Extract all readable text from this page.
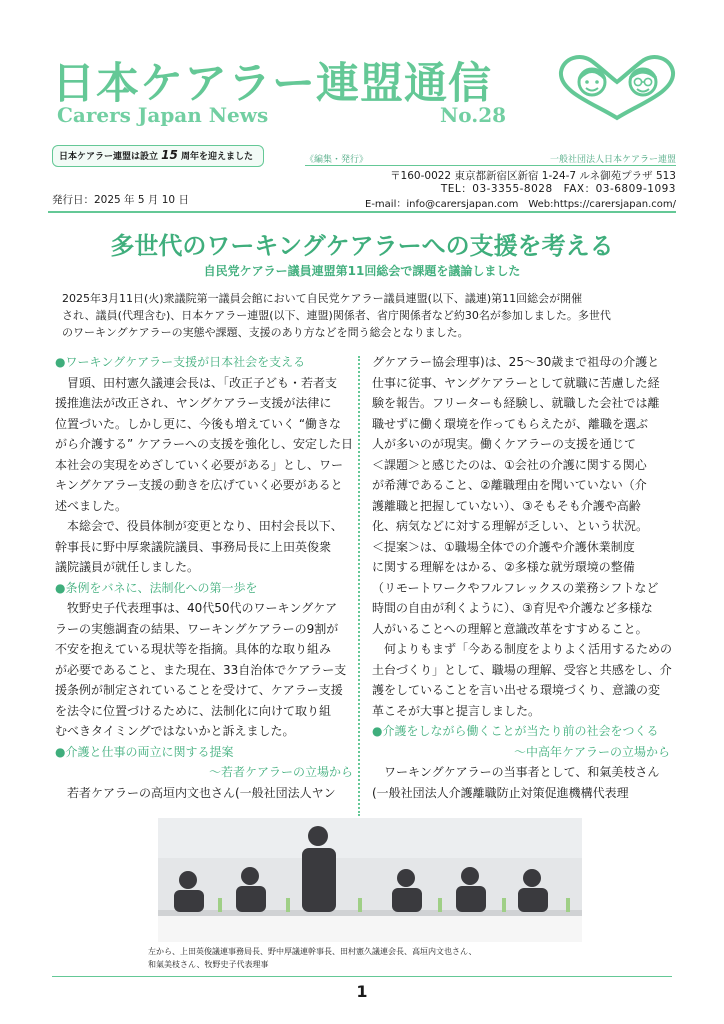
日本ケアラー連盟通信
Carers Japan News	No.28
日本ケアラー連盟は設立 15 周年を迎えました	《編集・発行》	一般社団法人日本ケアラー連盟
〒160-0022 東京都新宿区新宿 1-24-7 ルネ御苑プラザ 513
TEL：03-3355-8028　FAX：03-6809-1093
E-mail：info@carersjapan.com　Web:https://carersjapan.com/
発行日：2025 年 5 月 10 日
多世代のワーキングケアラーへの支援を考える
自民党ケアラー議員連盟第11回総会で課題を議論しました
2025年3月11日(火)衆議院第一議員会館において自民党ケアラー議員連盟(以下、議連)第11回総会が開催
され、議員(代理含む)、日本ケアラー連盟(以下、連盟)関係者、省庁関係者など約30名が参加しました。多世代
のワーキングケアラーの実態や課題、支援のあり方などを問う総会となりました。
●ワーキングケアラー支援が日本社会を支える
　冒頭、田村憲久議連会長は、「改正子ども・若者支
援推進法が改正され、ヤングケアラー支援が法律に
位置づいた。しかし更に、今後も増えていく “働きな
がら介護する” ケアラーへの支援を強化し、安定した日
本社会の実現をめざしていく必要がある」とし、ワー
キングケアラー支援の動きを広げていく必要があると
述べました。
　本総会で、役員体制が変更となり、田村会長以下、
幹事長に野中厚衆議院議員、事務局長に上田英俊衆
議院議員が就任しました。
●条例をバネに、法制化への第一歩を
　牧野史子代表理事は、40代50代のワーキングケア
ラーの実態調査の結果、ワーキングケアラーの9割が
不安を抱えている現状等を指摘。具体的な取り組み
が必要であること、また現在、33自治体でケアラー支
援条例が制定されていることを受けて、ケアラー支援
を法令に位置づけるために、法制化に向けて取り組
むべきタイミングではないかと訴えました。
●介護と仕事の両立に関する提案
～若者ケアラーの立場から
　若者ケアラーの高垣内文也さん(一般社団法人ヤン
グケアラー協会理事)は、25～30歳まで祖母の介護と
仕事に従事、ヤングケアラーとして就職に苦慮した経
験を報告。フリーターも経験し、就職した会社では離
職せずに働く環境を作ってもらえたが、離職を選ぶ
人が多いのが現実。働くケアラーの支援を通じて
＜課題＞と感じたのは、①会社の介護に関する関心
が希薄であること、②離職理由を聞いていない（介
護離職と把握していない）、③そもそも介護や高齢
化、病気などに対する理解が乏しい、という状況。
＜提案＞は、①職場全体での介護や介護休業制度
に関する理解をはかる、②多様な就労環境の整備
（リモートワークやフルフレックスの業務シフトなど
時間の自由が利くように）、③育児や介護など多様な
人がいることへの理解と意識改革をすすめること。
　何よりもまず「今ある制度をよりよく活用するための
土台づくり」として、職場の理解、受容と共感をし、介
護をしていることを言い出せる環境づくり、意識の変
革こそが大事と提言しました。
●介護をしながら働くことが当たり前の社会をつくる
～中高年ケアラーの立場から
　ワーキングケアラーの当事者として、和氣美枝さん
(一般社団法人介護離職防止対策促進機構代表理
左から、上田英俊議連事務局長、野中厚議連幹事長、田村憲久議連会長、高垣内文也さん、
和氣美枝さん、牧野史子代表理事
1
